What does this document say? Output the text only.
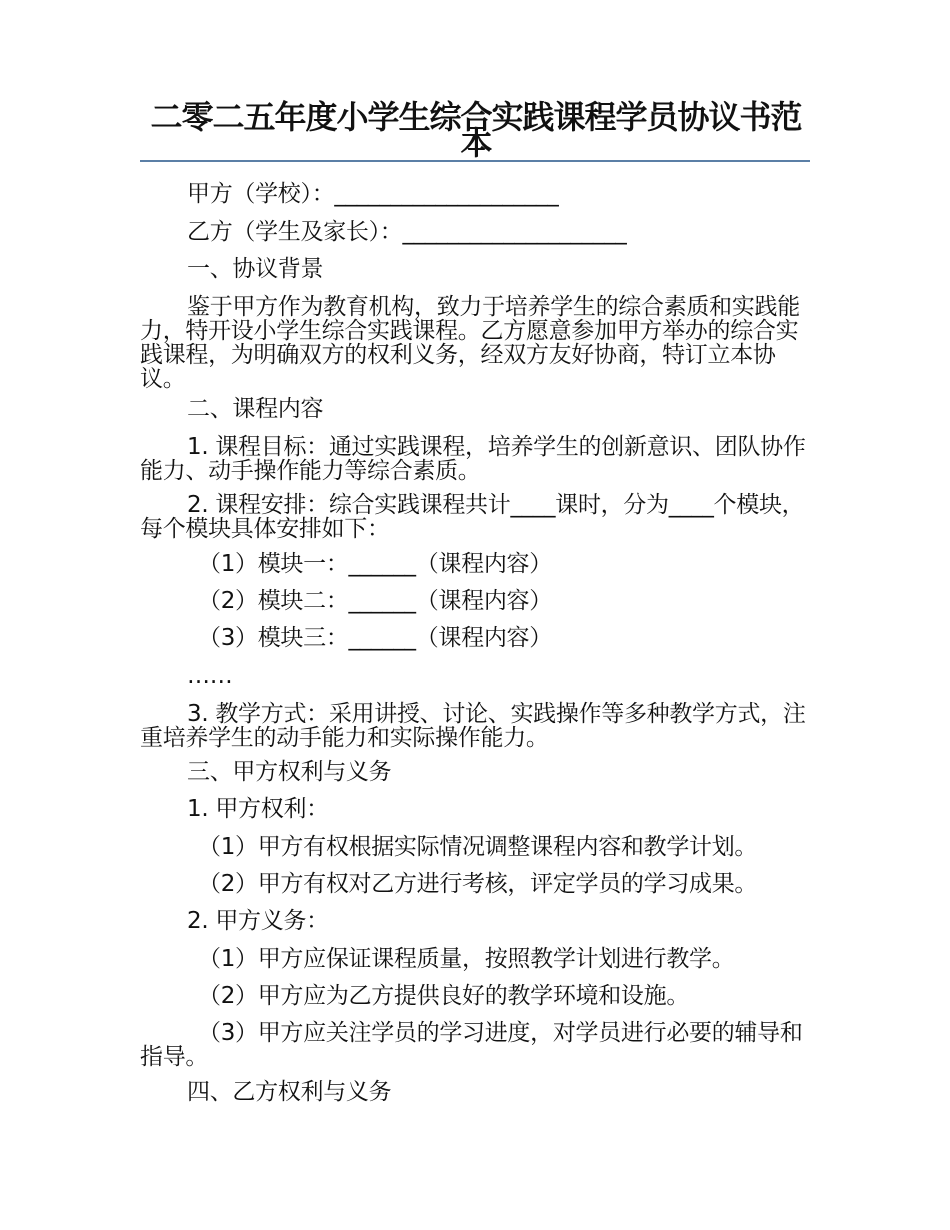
二零二五年度小学生综合实践课程学员协议书范本
甲方（学校）：____________________
乙方（学生及家长）：____________________
一、协议背景
鉴于甲方作为教育机构，致力于培养学生的综合素质和实践能力，特开设小学生综合实践课程。乙方愿意参加甲方举办的综合实践课程，为明确双方的权利义务，经双方友好协商，特订立本协议。
二、课程内容
1. 课程目标：通过实践课程，培养学生的创新意识、团队协作能力、动手操作能力等综合素质。
2. 课程安排：综合实践课程共计____课时，分为____个模块，每个模块具体安排如下：
（1）模块一：______（课程内容）
（2）模块二：______（课程内容）
（3）模块三：______（课程内容）
……
3. 教学方式：采用讲授、讨论、实践操作等多种教学方式，注重培养学生的动手能力和实际操作能力。
三、甲方权利与义务
1. 甲方权利：
（1）甲方有权根据实际情况调整课程内容和教学计划。
（2）甲方有权对乙方进行考核，评定学员的学习成果。
2. 甲方义务：
（1）甲方应保证课程质量，按照教学计划进行教学。
（2）甲方应为乙方提供良好的教学环境和设施。
（3）甲方应关注学员的学习进度，对学员进行必要的辅导和指导。
四、乙方权利与义务
